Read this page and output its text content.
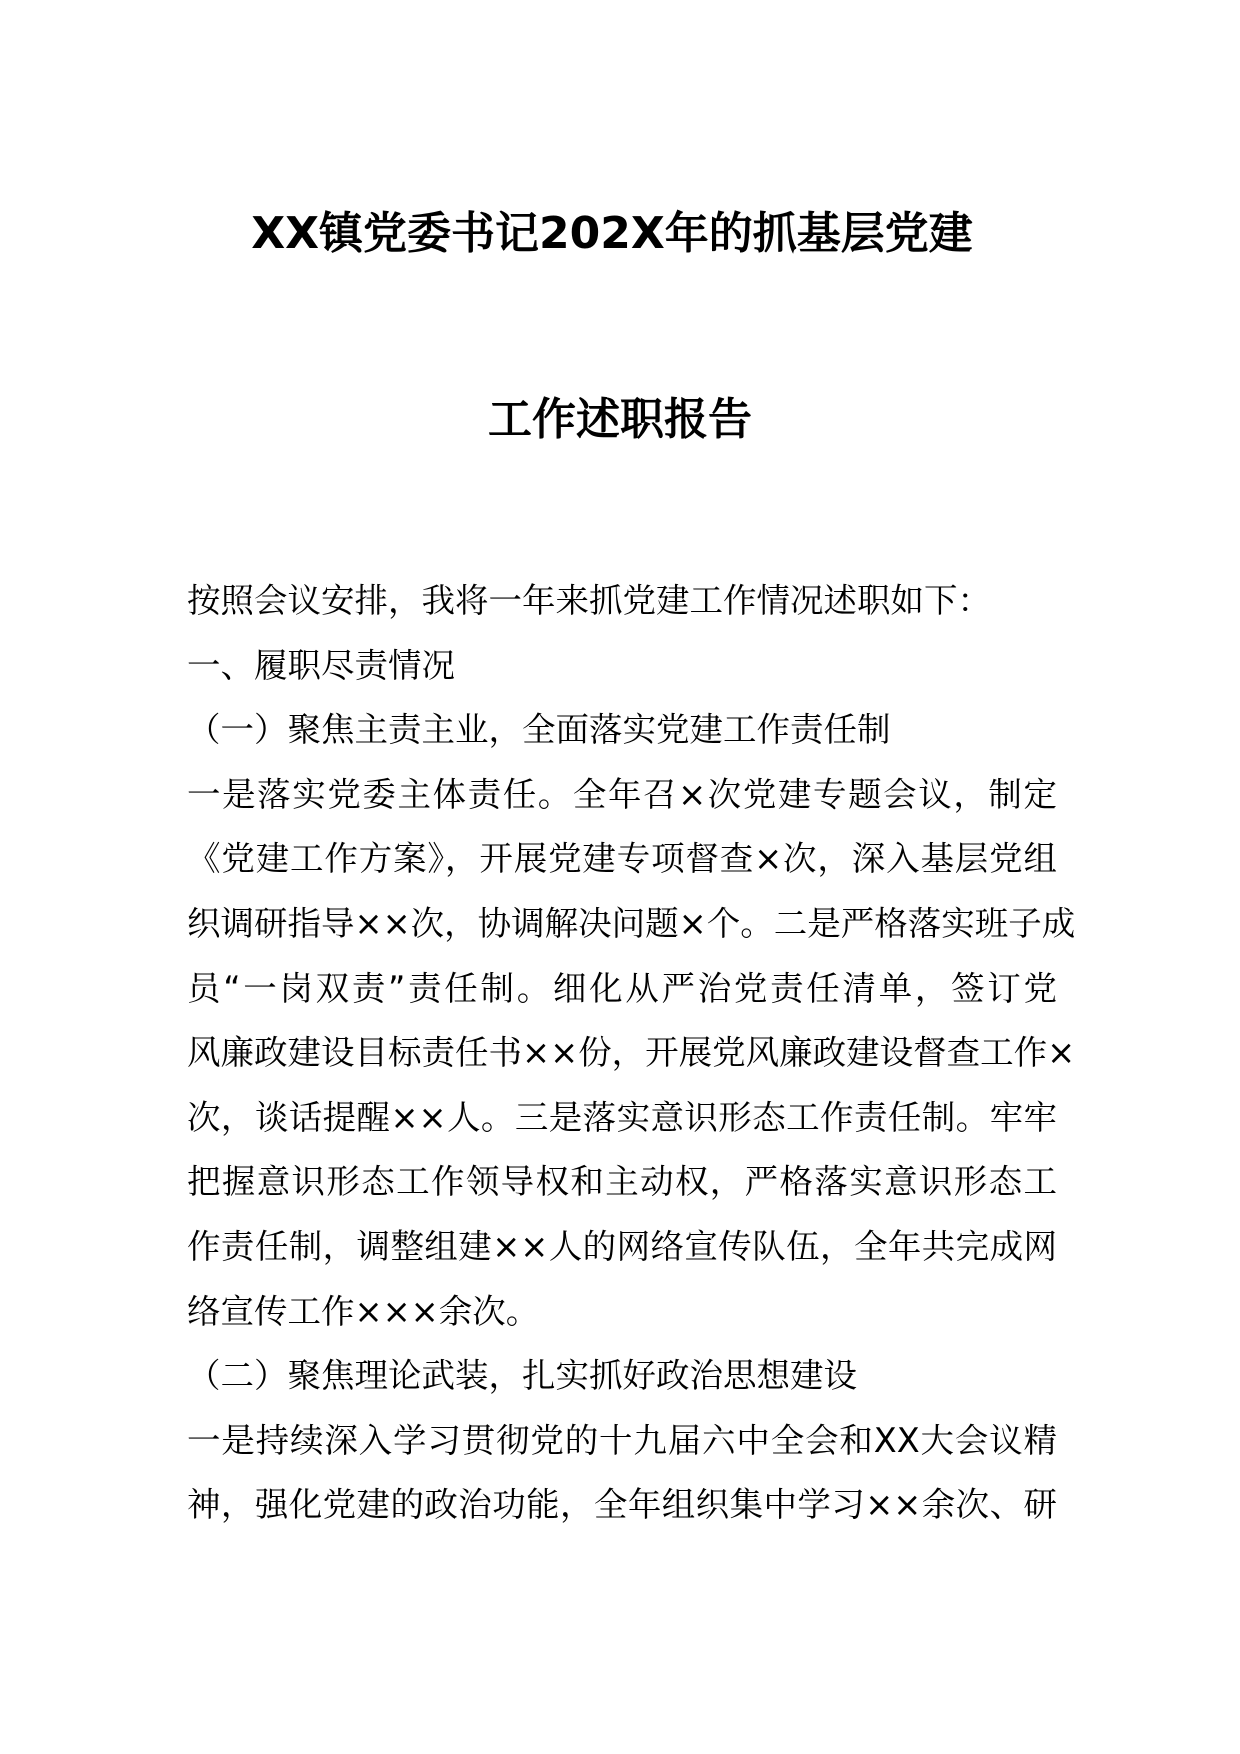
XX镇党委书记202X年的抓基层党建
工作述职报告
按照会议安排，我将一年来抓党建工作情况述职如下：
一、履职尽责情况
（一）聚焦主责主业，全面落实党建工作责任制
一是落实党委主体责任。全年召×次党建专题会议，制定
《党建工作方案》，开展党建专项督查×次，深入基层党组
织调研指导××次，协调解决问题×个。二是严格落实班子成
员“一岗双责”责任制。细化从严治党责任清单，签订党
风廉政建设目标责任书××份，开展党风廉政建设督查工作×
次，谈话提醒××人。三是落实意识形态工作责任制。牢牢
把握意识形态工作领导权和主动权，严格落实意识形态工
作责任制，调整组建××人的网络宣传队伍，全年共完成网
络宣传工作×××余次。
（二）聚焦理论武装，扎实抓好政治思想建设
一是持续深入学习贯彻党的十九届六中全会和XX大会议精
神，强化党建的政治功能，全年组织集中学习××余次、研
